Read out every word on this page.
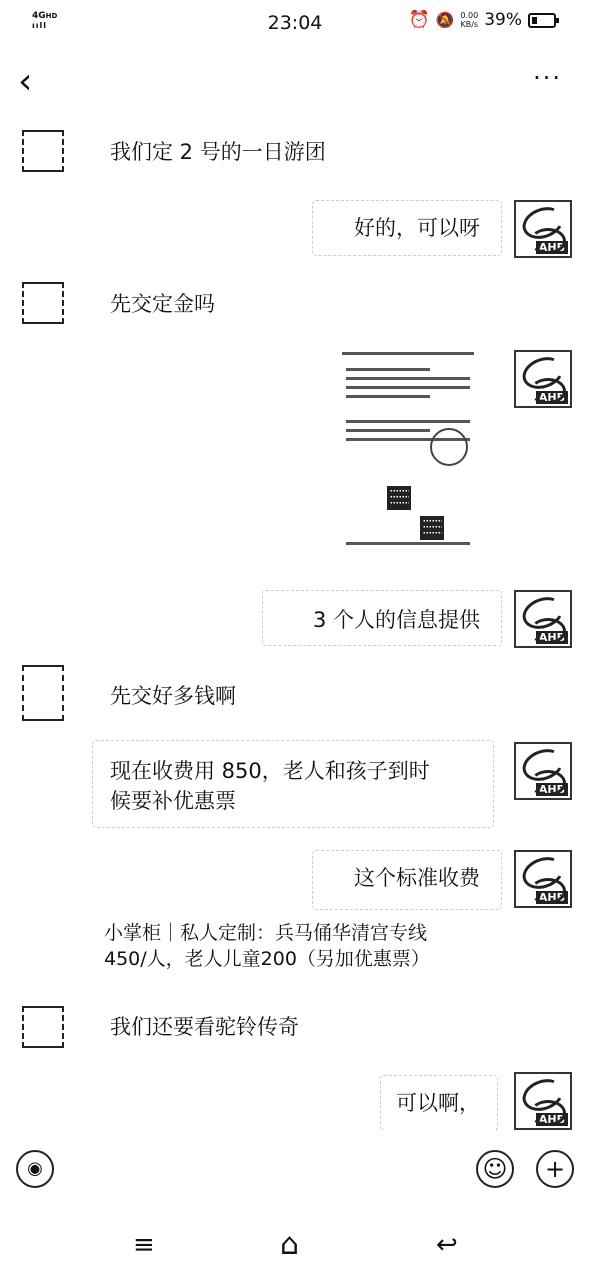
4GHD
ııll	23:04	⏰ 🔕 0.00
KB/s 39%
‹	···
我们定 2 号的一日游团
好的，可以呀
AHB
先交定金吗
AHB
3 个人的信息提供
AHB
先交好多钱啊
现在收费用 850，老人和孩子到时
候要补优惠票	AHB
这个标准收费
AHB
小掌柜｜私人定制：兵马俑华清宫专线
450/人，老人儿童200（另加优惠票）
我们还要看驼铃传奇
可以啊，
AHB
◉	☺	+
≡	⌂	↩
